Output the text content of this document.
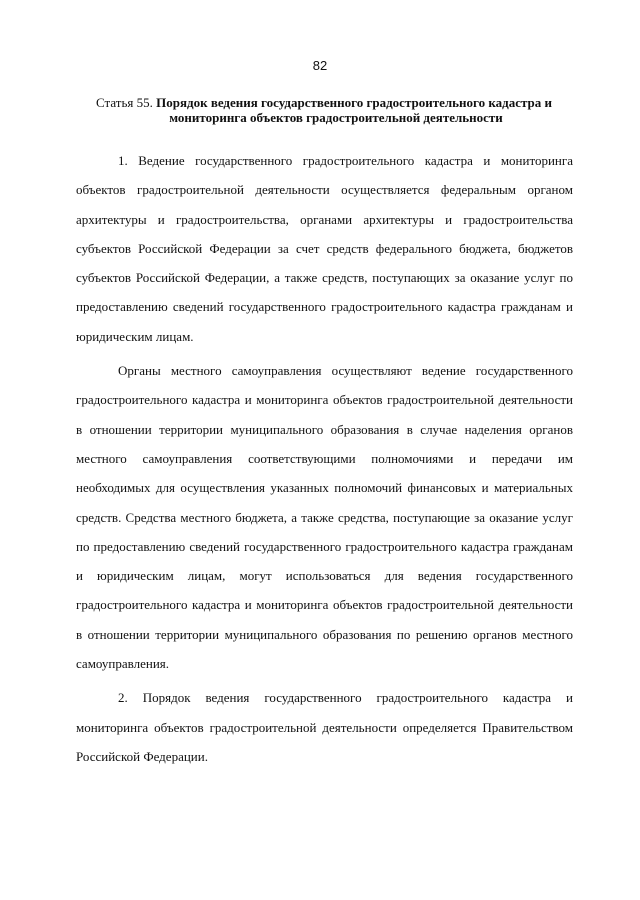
82
Статья 55. Порядок ведения государственного градостроительного кадастра и
мониторинга объектов градостроительной деятельности

1. Ведение государственного градостроительного кадастра и мониторинга объектов градостроительной деятельности осуществляется федеральным органом архитектуры и градостроительства, органами архитектуры и градостроительства субъектов Российской Федерации за счет средств федерального бюджета, бюджетов субъектов Российской Федерации, а также средств, поступающих за оказание услуг по предоставлению сведений государственного градостроительного кадастра гражданам и юридическим лицам.

Органы местного самоуправления осуществляют ведение государственного градостроительного кадастра и мониторинга объектов градостроительной деятельности в отношении территории муниципального образования в случае наделения органов местного самоуправления соответствующими полномочиями и передачи им необходимых для осуществления указанных полномочий финансовых и материальных средств. Средства местного бюджета, а также средства, поступающие за оказание услуг по предоставлению сведений государственного градостроительного кадастра гражданам и юридическим лицам, могут использоваться для ведения государственного градостроительного кадастра и мониторинга объектов градостроительной деятельности в отношении территории муниципального образования по решению органов местного самоуправления.

2. Порядок ведения государственного градостроительного кадастра и мониторинга объектов градостроительной деятельности определяется Правительством Российской Федерации.
